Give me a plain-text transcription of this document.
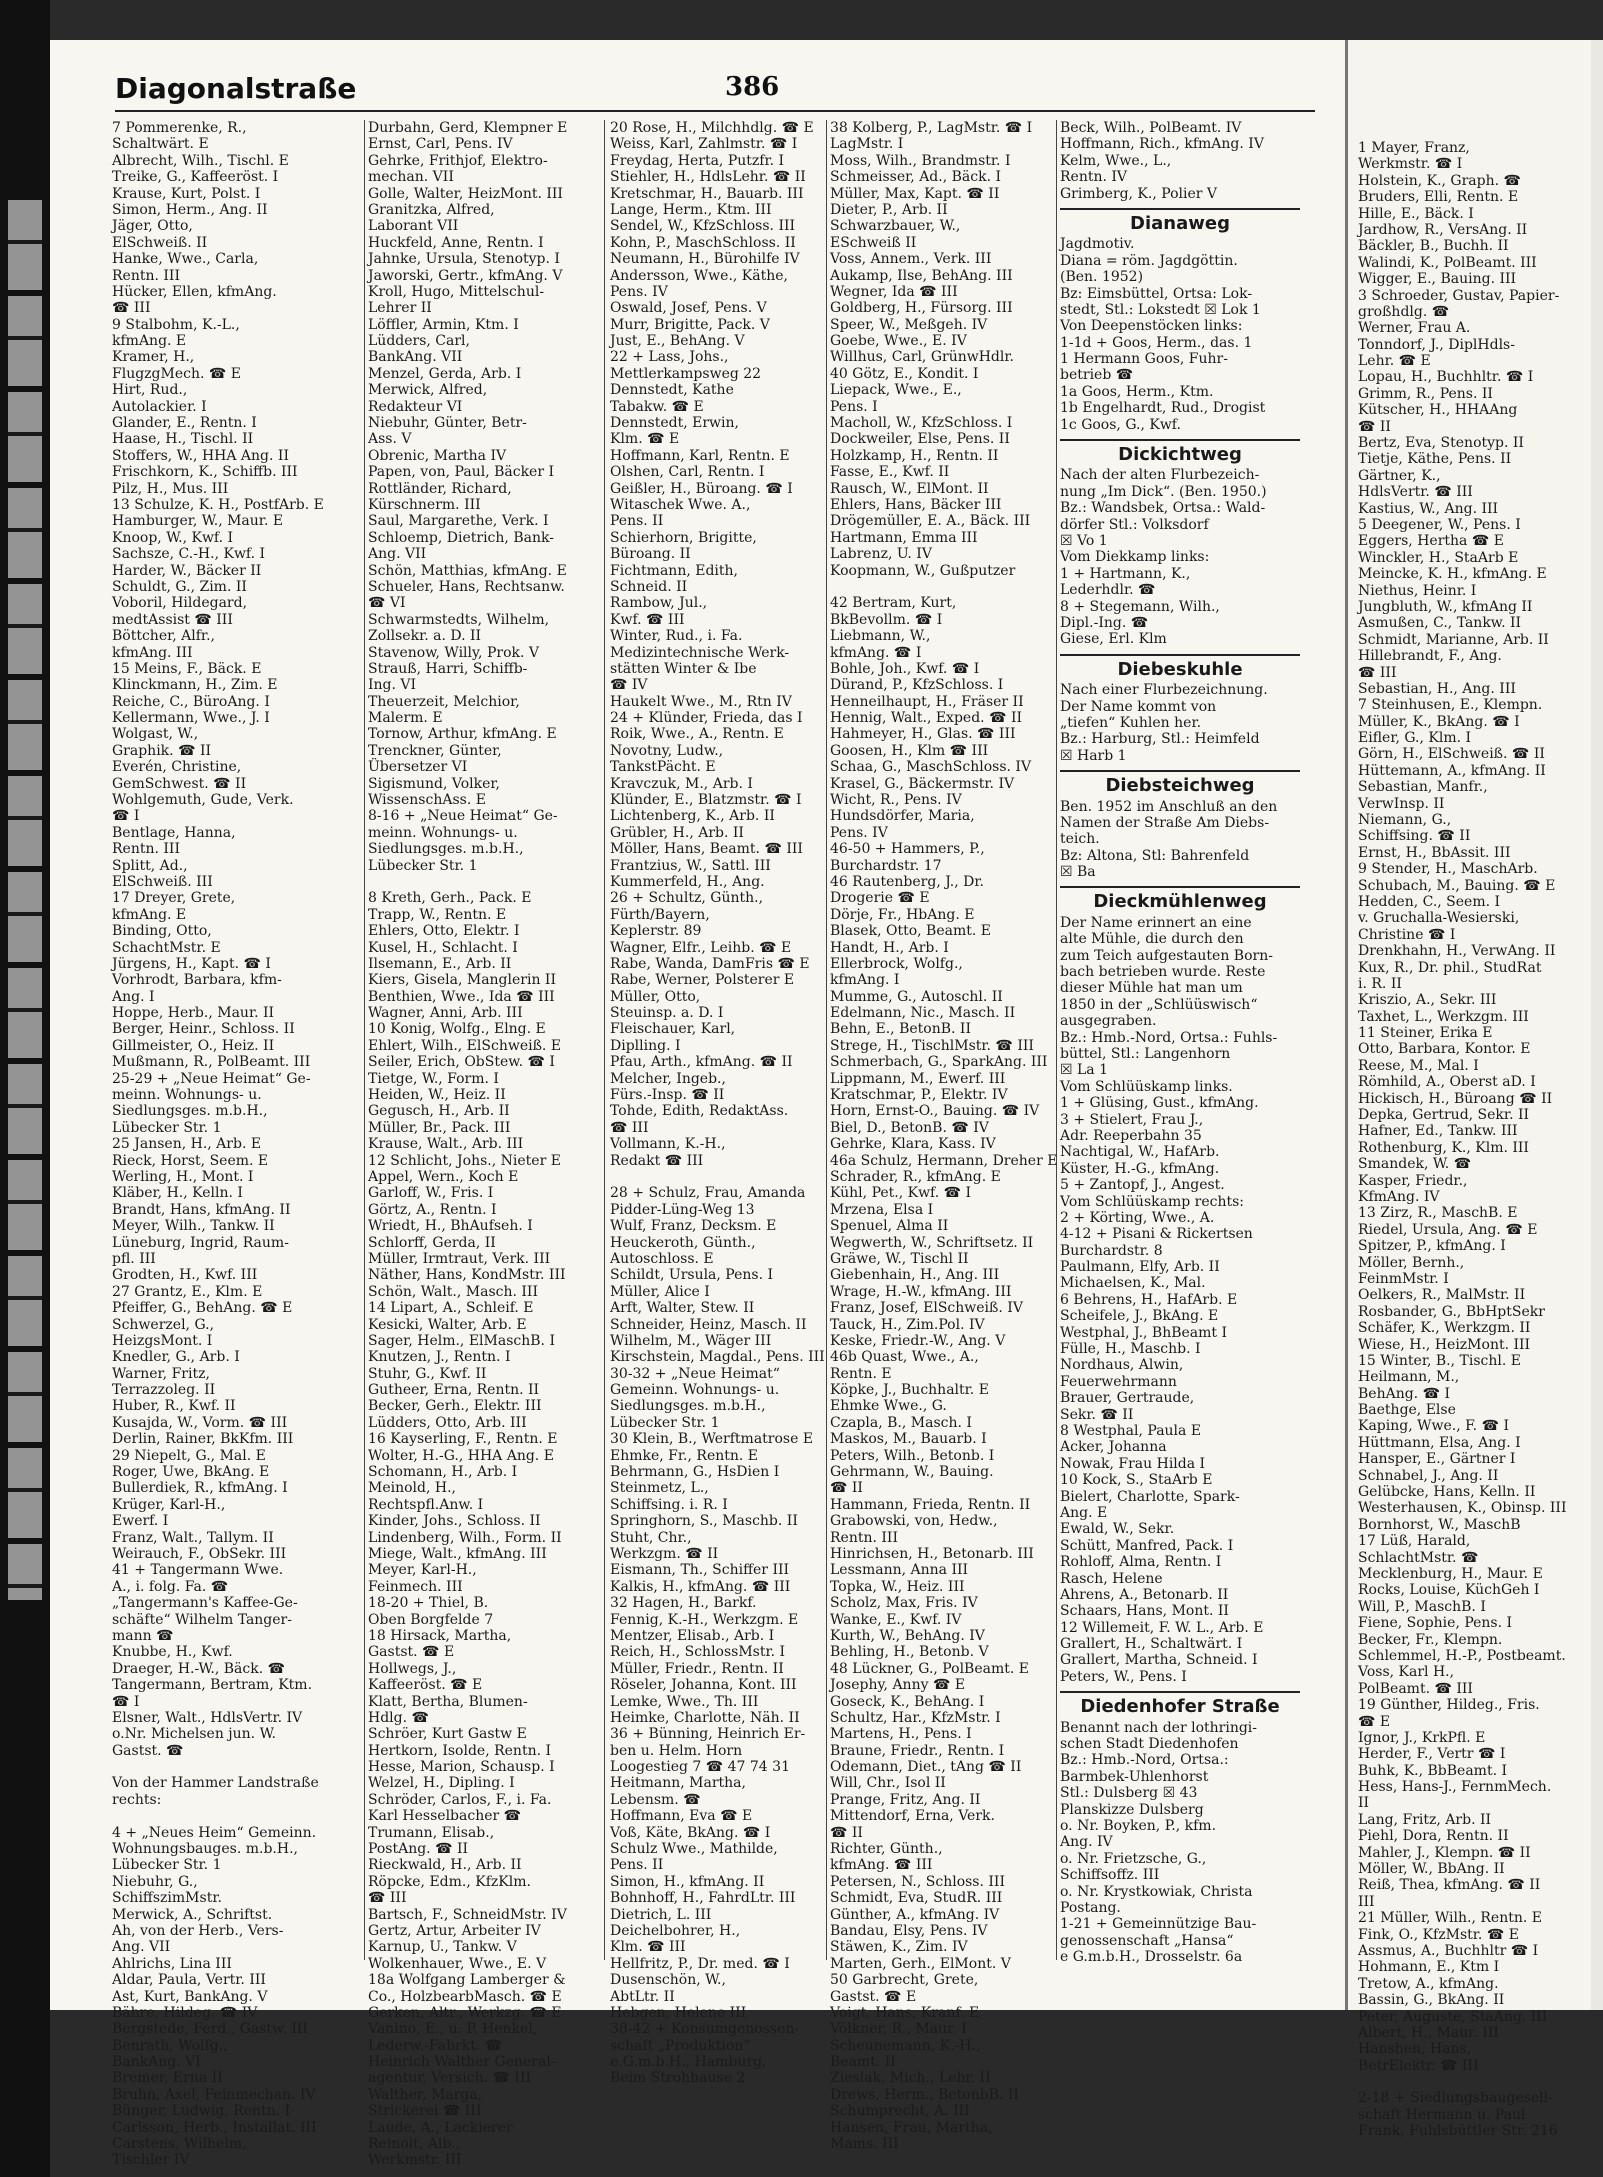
1 Mayer, Franz,
Werkmstr. ☎ I
Holstein, K., Graph. ☎
Bruders, Elli, Rentn. E
Hille, E., Bäck. I
Jardhow, R., VersAng. II
Bäckler, B., Buchh. II
Walindi, K., PolBeamt. III
Wigger, E., Bauing. III
3 Schroeder, Gustav, Papier-
großhdlg. ☎
Werner, Frau A.
Tonndorf, J., DiplHdls-
Lehr. ☎ E
Lopau, H., Buchhltr. ☎ I
Grimm, R., Pens. II
Kütscher, H., HHAAng
☎ II
Bertz, Eva, Stenotyp. II
Tietje, Käthe, Pens. II
Gärtner, K.,
HdlsVertr. ☎ III
Kastius, W., Ang. III
5 Deegener, W., Pens. I
Eggers, Hertha ☎ E
Winckler, H., StaArb E
Meincke, K. H., kfmAng. E
Niethus, Heinr. I
Jungbluth, W., kfmAng II
Asmußen, C., Tankw. II
Schmidt, Marianne, Arb. II
Hillebrandt, F., Ang.
☎ III
Sebastian, H., Ang. III
7 Steinhusen, E., Klempn.
Müller, K., BkAng. ☎ I
Eifler, G., Klm. I
Görn, H., ElSchweiß. ☎ II
Hüttemann, A., kfmAng. II
Sebastian, Manfr.,
VerwInsp. II
Niemann, G.,
Schiffsing. ☎ II
Ernst, H., BbAssit. III
9 Stender, H., MaschArb.
Schubach, M., Bauing. ☎ E
Hedden, C., Seem. I
v. Gruchalla-Wesierski,
Christine ☎ I
Drenkhahn, H., VerwAng. II
Kux, R., Dr. phil., StudRat
i. R. II
Kriszio, A., Sekr. III
Taxhet, L., Werkzgm. III
11 Steiner, Erika E
Otto, Barbara, Kontor. E
Reese, M., Mal. I
Römhild, A., Oberst aD. I
Hickisch, H., Büroang ☎ II
Depka, Gertrud, Sekr. II
Hafner, Ed., Tankw. III
Rothenburg, K., Klm. III
Smandek, W. ☎
Kasper, Friedr.,
KfmAng. IV
13 Zirz, R., MaschB. E
Riedel, Ursula, Ang. ☎ E
Spitzer, P., kfmAng. I
Möller, Bernh.,
FeinmMstr. I
Oelkers, R., MalMstr. II
Rosbander, G., BbHptSekr
Schäfer, K., Werkzgm. II
Wiese, H., HeizMont. III
15 Winter, B., Tischl. E
Heilmann, M.,
BehAng. ☎ I
Baethge, Else
Kaping, Wwe., F. ☎ I
Hüttmann, Elsa, Ang. I
Hansper, E., Gärtner I
Schnabel, J., Ang. II
Gelübcke, Hans, Kelln. II
Westerhausen, K., Obinsp. III
Bornhorst, W., MaschB
17 Lüß, Harald,
SchlachtMstr. ☎
Mecklenburg, H., Maur. E
Rocks, Louise, KüchGeh I
Will, P., MaschB. I
Fiene, Sophie, Pens. I
Becker, Fr., Klempn.
Schlemmel, H.-P., Postbeamt.
Voss, Karl H.,
PolBeamt. ☎ III
19 Günther, Hildeg., Fris.
☎ E
Ignor, J., KrkPfl. E
Herder, F., Vertr ☎ I
Buhk, K., BbBeamt. I
Hess, Hans-J., FernmMech.
II
Lang, Fritz, Arb. II
Piehl, Dora, Rentn. II
Mahler, J., Klempn. ☎ II
Möller, W., BbAng. II
Reiß, Thea, kfmAng. ☎ II
III
21 Müller, Wilh., Rentn. E
Fink, O., KfzMstr. ☎ E
Assmus, A., Buchhltr ☎ I
Hohmann, E., Ktm I
Tretow, A., kfmAng.
Bassin, G., BkAng. II
Peter, Auguste, StaAng. III
Albert, H., Maur. III
Hanshen, Hans,
BetrElektr. ☎ III
2-18 + Siedlungsbaugesell-
schaft Hermann u. Paul
Frank, Fuhlsbüttler Str. 216
Diagonalstraße	386
7 Pommerenke, R.,
Schaltwärt. E
Albrecht, Wilh., Tischl. E
Treike, G., Kaffeeröst. I
Krause, Kurt, Polst. I
Simon, Herm., Ang. II
Jäger, Otto,
ElSchweiß. II
Hanke, Wwe., Carla,
Rentn. III
Hücker, Ellen, kfmAng.
☎ III
9 Stalbohm, K.-L.,
kfmAng. E
Kramer, H.,
FlugzgMech. ☎ E
Hirt, Rud.,
Autolackier. I
Glander, E., Rentn. I
Haase, H., Tischl. II
Stoffers, W., HHA Ang. II
Frischkorn, K., Schiffb. III
Pilz, H., Mus. III
13 Schulze, K. H., PostfArb. E
Hamburger, W., Maur. E
Knoop, W., Kwf. I
Sachsze, C.-H., Kwf. I
Harder, W., Bäcker II
Schuldt, G., Zim. II
Voboril, Hildegard,
medtAssist ☎ III
Böttcher, Alfr.,
kfmAng. III
15 Meins, F., Bäck. E
Klinckmann, H., Zim. E
Reiche, C., BüroAng. I
Kellermann, Wwe., J. I
Wolgast, W.,
Graphik. ☎ II
Everén, Christine,
GemSchwest. ☎ II
Wohlgemuth, Gude, Verk.
☎ I
Bentlage, Hanna,
Rentn. III
Splitt, Ad.,
ElSchweiß. III
17 Dreyer, Grete,
kfmAng. E
Binding, Otto,
SchachtMstr. E
Jürgens, H., Kapt. ☎ I
Vorhrodt, Barbara, kfm-
Ang. I
Hoppe, Herb., Maur. II
Berger, Heinr., Schloss. II
Gillmeister, O., Heiz. II
Mußmann, R., PolBeamt. III
25-29 + „Neue Heimat“ Ge-
meinn. Wohnungs- u.
Siedlungsges. m.b.H.,
Lübecker Str. 1
25 Jansen, H., Arb. E
Rieck, Horst, Seem. E
Werling, H., Mont. I
Kläber, H., Kelln. I
Brandt, Hans, kfmAng. II
Meyer, Wilh., Tankw. II
Lüneburg, Ingrid, Raum-
pfl. III
Grodten, H., Kwf. III
27 Grantz, E., Klm. E
Pfeiffer, G., BehAng. ☎ E
Schwerzel, G.,
HeizgsMont. I
Knedler, G., Arb. I
Warner, Fritz,
Terrazzoleg. II
Huber, R., Kwf. II
Kusajda, W., Vorm. ☎ III
Derlin, Rainer, BkKfm. III
29 Niepelt, G., Mal. E
Roger, Uwe, BkAng. E
Bullerdiek, R., kfmAng. I
Krüger, Karl-H.,
Ewerf. I
Franz, Walt., Tallym. II
Weirauch, F., ObSekr. III
41 + Tangermann Wwe.
A., i. folg. Fa. ☎
„Tangermann's Kaffee-Ge-
schäfte“ Wilhelm Tanger-
mann ☎
Knubbe, H., Kwf.
Draeger, H.-W., Bäck. ☎
Tangermann, Bertram, Ktm.
☎ I
Elsner, Walt., HdlsVertr. IV
o.Nr. Michelsen jun. W.
Gastst. ☎
Von der Hammer Landstraße
rechts:
4 + „Neues Heim“ Gemeinn.
Wohnungsbauges. m.b.H.,
Lübecker Str. 1
Niebuhr, G.,
SchiffszimMstr.
Merwick, A., Schriftst.
Ah, von der Herb., Vers-
Ang. VII
Ahlrichs, Lina III
Aldar, Paula, Vertr. III
Ast, Kurt, BankAng. V
Bähre, Hildeg. ☎ IV
Bergstede, Ferd., Gastw. III
Benrath, Wolfg.,
BankAng. VI
Bremer, Erna II
Bruhn, Axel, Feinmechan. IV
Bünger, Ludwig, Rentn. I
Carlsson, Herb., Installat. III
Carstens, Wilhelm,
Tischler IV
Durbahn, Gerd, Klempner E
Ernst, Carl, Pens. IV
Gehrke, Frithjof, Elektro-
mechan. VII
Golle, Walter, HeizMont. III
Granitzka, Alfred,
Laborant VII
Huckfeld, Anne, Rentn. I
Jahnke, Ursula, Stenotyp. I
Jaworski, Gertr., kfmAng. V
Kroll, Hugo, Mittelschul-
Lehrer II
Löffler, Armin, Ktm. I
Lüdders, Carl,
BankAng. VII
Menzel, Gerda, Arb. I
Merwick, Alfred,
Redakteur VI
Niebuhr, Günter, Betr-
Ass. V
Obrenic, Martha IV
Papen, von, Paul, Bäcker I
Rottländer, Richard,
Kürschnerm. III
Saul, Margarethe, Verk. I
Schloemp, Dietrich, Bank-
Ang. VII
Schön, Matthias, kfmAng. E
Schueler, Hans, Rechtsanw.
☎ VI
Schwarmstedts, Wilhelm,
Zollsekr. a. D. II
Stavenow, Willy, Prok. V
Strauß, Harri, Schiffb-
Ing. VI
Theuerzeit, Melchior,
Malerm. E
Tornow, Arthur, kfmAng. E
Trenckner, Günter,
Übersetzer VI
Sigismund, Volker,
WissenschAss. E
8-16 + „Neue Heimat“ Ge-
meinn. Wohnungs- u.
Siedlungsges. m.b.H.,
Lübecker Str. 1
8 Kreth, Gerh., Pack. E
Trapp, W., Rentn. E
Ehlers, Otto, Elektr. I
Kusel, H., Schlacht. I
Ilsemann, E., Arb. II
Kiers, Gisela, Manglerin II
Benthien, Wwe., Ida ☎ III
Wagner, Anni, Arb. III
10 Konig, Wolfg., Elng. E
Ehlert, Wilh., ElSchweiß. E
Seiler, Erich, ObStew. ☎ I
Tietge, W., Form. I
Heiden, W., Heiz. II
Gegusch, H., Arb. II
Müller, Br., Pack. III
Krause, Walt., Arb. III
12 Schlicht, Johs., Nieter E
Appel, Wern., Koch E
Garloff, W., Fris. I
Görtz, A., Rentn. I
Wriedt, H., BhAufseh. I
Schlorff, Gerda, II
Müller, Irmtraut, Verk. III
Näther, Hans, KondMstr. III
Schön, Walt., Masch. III
14 Lipart, A., Schleif. E
Kesicki, Walter, Arb. E
Sager, Helm., ElMaschB. I
Knutzen, J., Rentn. I
Stuhr, G., Kwf. II
Gutheer, Erna, Rentn. II
Becker, Gerh., Elektr. III
Lüdders, Otto, Arb. III
16 Kayserling, F., Rentn. E
Wolter, H.-G., HHA Ang. E
Schomann, H., Arb. I
Meinold, H.,
Rechtspfl.Anw. I
Kinder, Johs., Schloss. II
Lindenberg, Wilh., Form. II
Miege, Walt., kfmAng. III
Meyer, Karl-H.,
Feinmech. III
18-20 + Thiel, B.
Oben Borgfelde 7
18 Hirsack, Martha,
Gastst. ☎ E
Hollwegs, J.,
Kaffeeröst. ☎ E
Klatt, Bertha, Blumen-
Hdlg. ☎
Schröer, Kurt Gastw E
Hertkorn, Isolde, Rentn. I
Hesse, Marion, Schausp. I
Welzel, H., Dipling. I
Schröder, Carlos, F., i. Fa.
Karl Hesselbacher ☎
Trumann, Elisab.,
PostAng. ☎ II
Rieckwald, H., Arb. II
Röpcke, Edm., KfzKlm.
☎ III
Bartsch, F., SchneidMstr. IV
Gertz, Artur, Arbeiter IV
Karnup, U., Tankw. V
Wolkenhauer, Wwe., E. V
18a Wolfgang Lamberger &
Co., HolzbearbMasch. ☎ E
Gerken, Altr., Werkzg. ☎ E
Vanino, E., u. P. Henkel,
Lederw.-Fabrkt. ☎
Heinrich Walther General-
agentur, Versich. ☎ III
Walther, Marga,
Strickerei ☎ III
Laude, A., Lackierer
Reinolt, Alb.,
Werkmstr. III
20 Rose, H., Milchhdlg. ☎ E
Weiss, Karl, Zahlmstr. ☎ I
Freydag, Herta, Putzfr. I
Stiehler, H., HdlsLehr. ☎ II
Kretschmar, H., Bauarb. III
Lange, Herm., Ktm. III
Sendel, W., KfzSchloss. III
Kohn, P., MaschSchloss. II
Neumann, H., Bürohilfe IV
Andersson, Wwe., Käthe,
Pens. IV
Oswald, Josef, Pens. V
Murr, Brigitte, Pack. V
Just, E., BehAng. V
22 + Lass, Johs.,
Mettlerkampsweg 22
Dennstedt, Kathe
Tabakw. ☎ E
Dennstedt, Erwin,
Klm. ☎ E
Hoffmann, Karl, Rentn. E
Olshen, Carl, Rentn. I
Geißler, H., Büroang. ☎ I
Witaschek Wwe. A.,
Pens. II
Schierhorn, Brigitte,
Büroang. II
Fichtmann, Edith,
Schneid. II
Rambow, Jul.,
Kwf. ☎ III
Winter, Rud., i. Fa.
Medizintechnische Werk-
stätten Winter & Ibe
☎ IV
Haukelt Wwe., M., Rtn IV
24 + Klünder, Frieda, das I
Roik, Wwe., A., Rentn. E
Novotny, Ludw.,
TankstPächt. E
Kravczuk, M., Arb. I
Klünder, E., Blatzmstr. ☎ I
Lichtenberg, K., Arb. II
Grübler, H., Arb. II
Möller, Hans, Beamt. ☎ III
Frantzius, W., Sattl. III
Kummerfeld, H., Ang.
26 + Schultz, Günth.,
Fürth/Bayern,
Keplerstr. 89
Wagner, Elfr., Leihb. ☎ E
Rabe, Wanda, DamFris ☎ E
Rabe, Werner, Polsterer E
Müller, Otto,
Steuinsp. a. D. I
Fleischauer, Karl,
Diplling. I
Pfau, Arth., kfmAng. ☎ II
Melcher, Ingeb.,
Fürs.-Insp. ☎ II
Tohde, Edith, RedaktAss.
☎ III
Vollmann, K.-H.,
Redakt ☎ III
28 + Schulz, Frau, Amanda
Pidder-Lüng-Weg 13
Wulf, Franz, Decksm. E
Heuckeroth, Günth.,
Autoschloss. E
Schildt, Ursula, Pens. I
Müller, Alice I
Arft, Walter, Stew. II
Schneider, Heinz, Masch. II
Wilhelm, M., Wäger III
Kirschstein, Magdal., Pens. III
30-32 + „Neue Heimat“
Gemeinn. Wohnungs- u.
Siedlungsges. m.b.H.,
Lübecker Str. 1
30 Klein, B., Werftmatrose E
Ehmke, Fr., Rentn. E
Behrmann, G., HsDien I
Steinmetz, L.,
Schiffsing. i. R. I
Springhorn, S., Maschb. II
Stuht, Chr.,
Werkzgm. ☎ II
Eismann, Th., Schiffer III
Kalkis, H., kfmAng. ☎ III
32 Hagen, H., Barkf.
Fennig, K.-H., Werkzgm. E
Mentzer, Elisab., Arb. I
Reich, H., SchlossMstr. I
Müller, Friedr., Rentn. II
Röseler, Johanna, Kont. III
Lemke, Wwe., Th. III
Heimke, Charlotte, Näh. II
36 + Bünning, Heinrich Er-
ben u. Helm. Horn
Loogestieg 7 ☎ 47 74 31
Heitmann, Martha,
Lebensm. ☎
Hoffmann, Eva ☎ E
Voß, Käte, BkAng. ☎ I
Schulz Wwe., Mathilde,
Pens. II
Simon, H., kfmAng. II
Bohnhoff, H., FahrdLtr. III
Dietrich, L. III
Deichelbohrer, H.,
Klm. ☎ III
Hellfritz, P., Dr. med. ☎ I
Dusenschön, W.,
AbtLtr. II
Hebgen, Helene III
38-42 + Konsumgenossen-
schaft „Produktion“
e.G.m.b.H., Hamburg,
Beim Strohhause 2
38 Kolberg, P., LagMstr. ☎ I
LagMstr. I
Moss, Wilh., Brandmstr. I
Schmeisser, Ad., Bäck. I
Müller, Max, Kapt. ☎ II
Dieter, P., Arb. II
Schwarzbauer, W.,
ESchweiß II
Voss, Annem., Verk. III
Aukamp, Ilse, BehAng. III
Wegner, Ida ☎ III
Goldberg, H., Fürsorg. III
Speer, W., Meßgeh. IV
Goebe, Wwe., E. IV
Willhus, Carl, GrünwHdlr.
40 Götz, E., Kondit. I
Liepack, Wwe., E.,
Pens. I
Macholl, W., KfzSchloss. I
Dockweiler, Else, Pens. II
Holzkamp, H., Rentn. II
Fasse, E., Kwf. II
Rausch, W., ElMont. II
Ehlers, Hans, Bäcker III
Drögemüller, E. A., Bäck. III
Hartmann, Emma III
Labrenz, U. IV
Koopmann, W., Gußputzer
42 Bertram, Kurt,
BkBevollm. ☎ I
Liebmann, W.,
kfmAng. ☎ I
Bohle, Joh., Kwf. ☎ I
Dürand, P., KfzSchloss. I
Henneilhaupt, H., Fräser II
Hennig, Walt., Exped. ☎ II
Hahmeyer, H., Glas. ☎ III
Goosen, H., Klm ☎ III
Schaa, G., MaschSchloss. IV
Krasel, G., Bäckermstr. IV
Wicht, R., Pens. IV
Hundsdörfer, Maria,
Pens. IV
46-50 + Hammers, P.,
Burchardstr. 17
46 Rautenberg, J., Dr.
Drogerie ☎ E
Dörje, Fr., HbAng. E
Blasek, Otto, Beamt. E
Handt, H., Arb. I
Ellerbrock, Wolfg.,
kfmAng. I
Mumme, G., Autoschl. II
Edelmann, Nic., Masch. II
Behn, E., BetonB. II
Strege, H., TischlMstr. ☎ III
Schmerbach, G., SparkAng. III
Lippmann, M., Ewerf. III
Kratschmar, P., Elektr. IV
Horn, Ernst-O., Bauing. ☎ IV
Biel, D., BetonB. ☎ IV
Gehrke, Klara, Kass. IV
46a Schulz, Hermann, Dreher E
Schrader, R., kfmAng. E
Kühl, Pet., Kwf. ☎ I
Mrzena, Elsa I
Spenuel, Alma II
Wegwerth, W., Schriftsetz. II
Gräwe, W., Tischl II
Giebenhain, H., Ang. III
Wrage, H.-W., kfmAng. III
Franz, Josef, ElSchweiß. IV
Tauck, H., Zim.Pol. IV
Keske, Friedr.-W., Ang. V
46b Quast, Wwe., A.,
Rentn. E
Köpke, J., Buchhaltr. E
Ehmke Wwe., G.
Czapla, B., Masch. I
Maskos, M., Bauarb. I
Peters, Wilh., Betonb. I
Gehrmann, W., Bauing.
☎ II
Hammann, Frieda, Rentn. II
Grabowski, von, Hedw.,
Rentn. III
Hinrichsen, H., Betonarb. III
Lessmann, Anna III
Topka, W., Heiz. III
Scholz, Max, Fris. IV
Wanke, E., Kwf. IV
Kurth, W., BehAng. IV
Behling, H., Betonb. V
48 Lückner, G., PolBeamt. E
Josephy, Anny ☎ E
Goseck, K., BehAng. I
Schultz, Har., KfzMstr. I
Martens, H., Pens. I
Braune, Friedr., Rentn. I
Odemann, Diet., tAng ☎ II
Will, Chr., Isol II
Prange, Fritz, Ang. II
Mittendorf, Erna, Verk.
☎ II
Richter, Günth.,
kfmAng. ☎ III
Petersen, N., Schloss. III
Schmidt, Eva, StudR. III
Günther, A., kfmAng. IV
Bandau, Elsy, Pens. IV
Stäwen, K., Zim. IV
Marten, Gerh., ElMont. V
50 Garbrecht, Grete,
Gastst. ☎ E
Voigt, Hans, Kranf. E
Völkner, R., Maur. I
Scheunemann, K.-H.,
Beamt. II
Zieslak, Mich., Lehr. II
Drews, Herm., BetonbB. II
Schumprecht, A. III
Hansen, Frau, Martha,
Mams. III
Beck, Wilh., PolBeamt. IV
Hoffmann, Rich., kfmAng. IV
Kelm, Wwe., L.,
Rentn. IV
Grimberg, K., Polier V
Dianaweg
Jagdmotiv.
Diana = röm. Jagdgöttin.
(Ben. 1952)
Bz: Eimsbüttel, Ortsa: Lok-
stedt, Stl.: Lokstedt ☒ Lok 1
Von Deepenstöcken links:
1-1d + Goos, Herm., das. 1
1 Hermann Goos, Fuhr-
betrieb ☎
1a Goos, Herm., Ktm.
1b Engelhardt, Rud., Drogist
1c Goos, G., Kwf.
Dickichtweg
Nach der alten Flurbezeich-
nung „Im Dick“. (Ben. 1950.)
Bz.: Wandsbek, Ortsa.: Wald-
dörfer Stl.: Volksdorf
☒ Vo 1
Vom Diekkamp links:
1 + Hartmann, K.,
Lederhdlr. ☎
8 + Stegemann, Wilh.,
Dipl.-Ing. ☎
Giese, Erl. Klm
Diebeskuhle
Nach einer Flurbezeichnung.
Der Name kommt von
„tiefen“ Kuhlen her.
Bz.: Harburg, Stl.: Heimfeld
☒ Harb 1
Diebsteichweg
Ben. 1952 im Anschluß an den
Namen der Straße Am Diebs-
teich.
Bz: Altona, Stl: Bahrenfeld
☒ Ba
Dieckmühlenweg
Der Name erinnert an eine
alte Mühle, die durch den
zum Teich aufgestauten Born-
bach betrieben wurde. Reste
dieser Mühle hat man um
1850 in der „Schlüüswisch“
ausgegraben.
Bz.: Hmb.-Nord, Ortsa.: Fuhls-
büttel, Stl.: Langenhorn
☒ La 1
Vom Schlüüskamp links.
1 + Glüsing, Gust., kfmAng.
3 + Stielert, Frau J.,
Adr. Reeperbahn 35
Nachtigal, W., HafArb.
Küster, H.-G., kfmAng.
5 + Zantopf, J., Angest.
Vom Schlüüskamp rechts:
2 + Körting, Wwe., A.
4-12 + Pisani & Rickertsen
Burchardstr. 8
Paulmann, Elfy, Arb. II
Michaelsen, K., Mal.
6 Behrens, H., HafArb. E
Scheifele, J., BkAng. E
Westphal, J., BhBeamt I
Fülle, H., Maschb. I
Nordhaus, Alwin,
Feuerwehrmann
Brauer, Gertraude,
Sekr. ☎ II
8 Westphal, Paula E
Acker, Johanna
Nowak, Frau Hilda I
10 Kock, S., StaArb E
Bielert, Charlotte, Spark-
Ang. E
Ewald, W., Sekr.
Schütt, Manfred, Pack. I
Rohloff, Alma, Rentn. I
Rasch, Helene
Ahrens, A., Betonarb. II
Schaars, Hans, Mont. II
12 Willemeit, F. W. L., Arb. E
Grallert, H., Schaltwärt. I
Grallert, Martha, Schneid. I
Peters, W., Pens. I
Diedenhofer Straße
Benannt nach der lothringi-
schen Stadt Diedenhofen
Bz.: Hmb.-Nord, Ortsa.:
Barmbek-Uhlenhorst
Stl.: Dulsberg ☒ 43
Planskizze Dulsberg
o. Nr. Boyken, P., kfm.
Ang. IV
o. Nr. Frietzsche, G.,
Schiffsoffz. III
o. Nr. Krystkowiak, Christa
Postang.
1-21 + Gemeinnützige Bau-
genossenschaft „Hansa“
e G.m.b.H., Drosselstr. 6a
